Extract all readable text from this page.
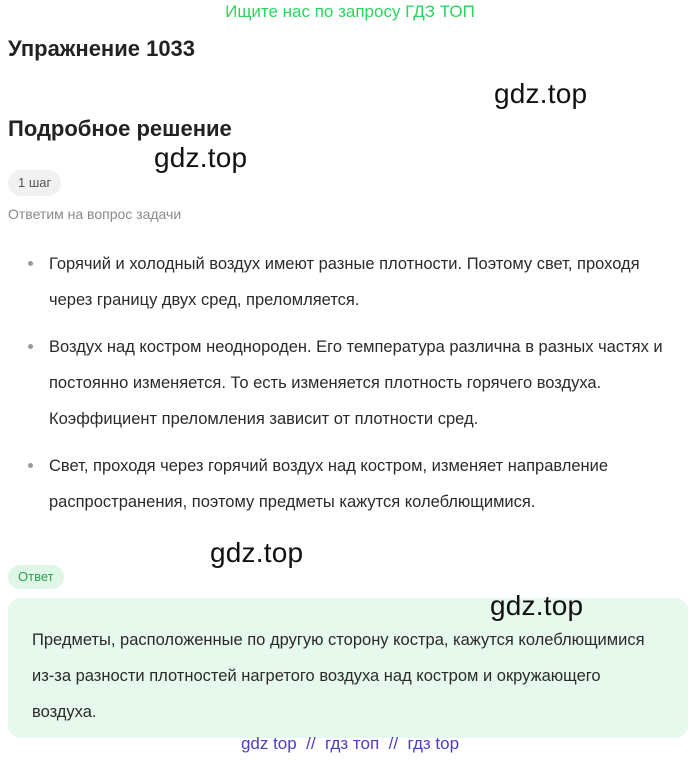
Ищите нас по запросу ГДЗ ТОП
Упражнение 1033
gdz.top
Подробное решение
gdz.top
1 шаг
Ответим на вопрос задачи
Горячий и холодный воздух имеют разные плотности. Поэтому свет, проходя через границу двух сред, преломляется.
Воздух над костром неоднороден. Его температура различна в разных частях и постоянно изменяется. То есть изменяется плотность горячего воздуха. Коэффициент преломления зависит от плотности сред.
Свет, проходя через горячий воздух над костром, изменяет направление распространения, поэтому предметы кажутся колеблющимися.
gdz.top
Ответ
Предметы, расположенные по другую сторону костра, кажутся колеблющимися из-за разности плотностей нагретого воздуха над костром и окружающего воздуха.
gdz.top
gdz top  //  гдз топ  //  гдз top
